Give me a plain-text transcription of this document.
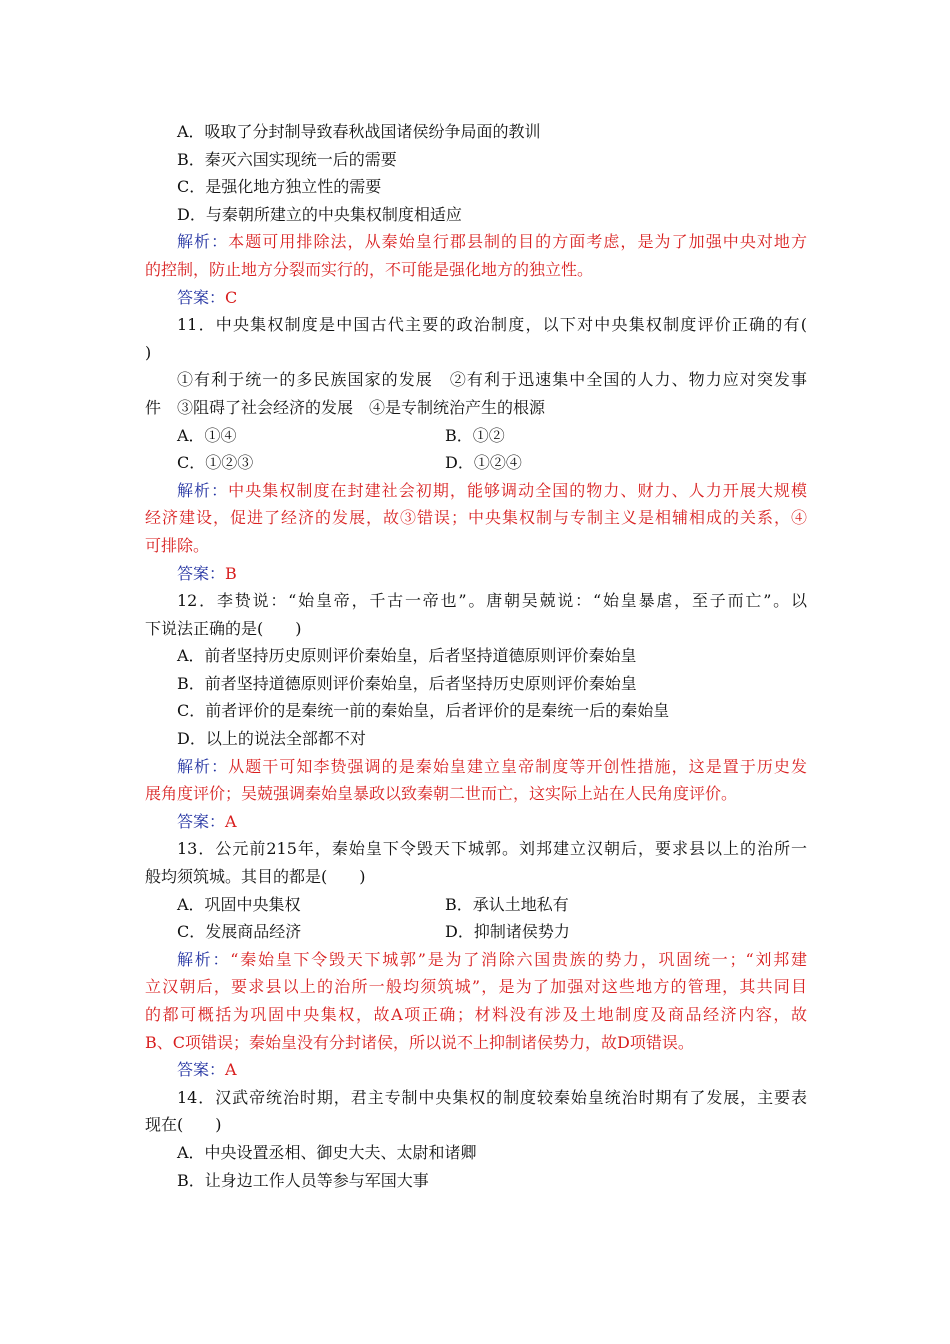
A．吸取了分封制导致春秋战国诸侯纷争局面的教训
B．秦灭六国实现统一后的需要
C．是强化地方独立性的需要
D．与秦朝所建立的中央集权制度相适应
解析：本题可用排除法，从秦始皇行郡县制的目的方面考虑，是为了加强中央对地方
的控制，防止地方分裂而实行的，不可能是强化地方的独立性。
答案：C
11．中央集权制度是中国古代主要的政治制度，以下对中央集权制度评价正确的有(
)
①有利于统一的多民族国家的发展　②有利于迅速集中全国的人力、物力应对突发事
件　③阻碍了社会经济的发展　④是专制统治产生的根源
A．①④	B．①②
C．①②③	D．①②④
解析：中央集权制度在封建社会初期，能够调动全国的物力、财力、人力开展大规模
经济建设，促进了经济的发展，故③错误；中央集权制与专制主义是相辅相成的关系，④
可排除。
答案：B
12．李贽说：“始皇帝，千古一帝也”。唐朝吴兢说：“始皇暴虐，至子而亡”。以
下说法正确的是(　　)
A．前者坚持历史原则评价秦始皇，后者坚持道德原则评价秦始皇
B．前者坚持道德原则评价秦始皇，后者坚持历史原则评价秦始皇
C．前者评价的是秦统一前的秦始皇，后者评价的是秦统一后的秦始皇
D．以上的说法全部都不对
解析：从题干可知李贽强调的是秦始皇建立皇帝制度等开创性措施，这是置于历史发
展角度评价；吴兢强调秦始皇暴政以致秦朝二世而亡，这实际上站在人民角度评价。
答案：A
13．公元前215年，秦始皇下令毁天下城郭。刘邦建立汉朝后，要求县以上的治所一
般均须筑城。其目的都是(　　)
A．巩固中央集权	B．承认土地私有
C．发展商品经济	D．抑制诸侯势力
解析：“秦始皇下令毁天下城郭”是为了消除六国贵族的势力，巩固统一；“刘邦建
立汉朝后，要求县以上的治所一般均须筑城”，是为了加强对这些地方的管理，其共同目
的都可概括为巩固中央集权，故A项正确；材料没有涉及土地制度及商品经济内容，故
B、C项错误；秦始皇没有分封诸侯，所以说不上抑制诸侯势力，故D项错误。
答案：A
14．汉武帝统治时期，君主专制中央集权的制度较秦始皇统治时期有了发展，主要表
现在(　　)
A．中央设置丞相、御史大夫、太尉和诸卿
B．让身边工作人员等参与军国大事
